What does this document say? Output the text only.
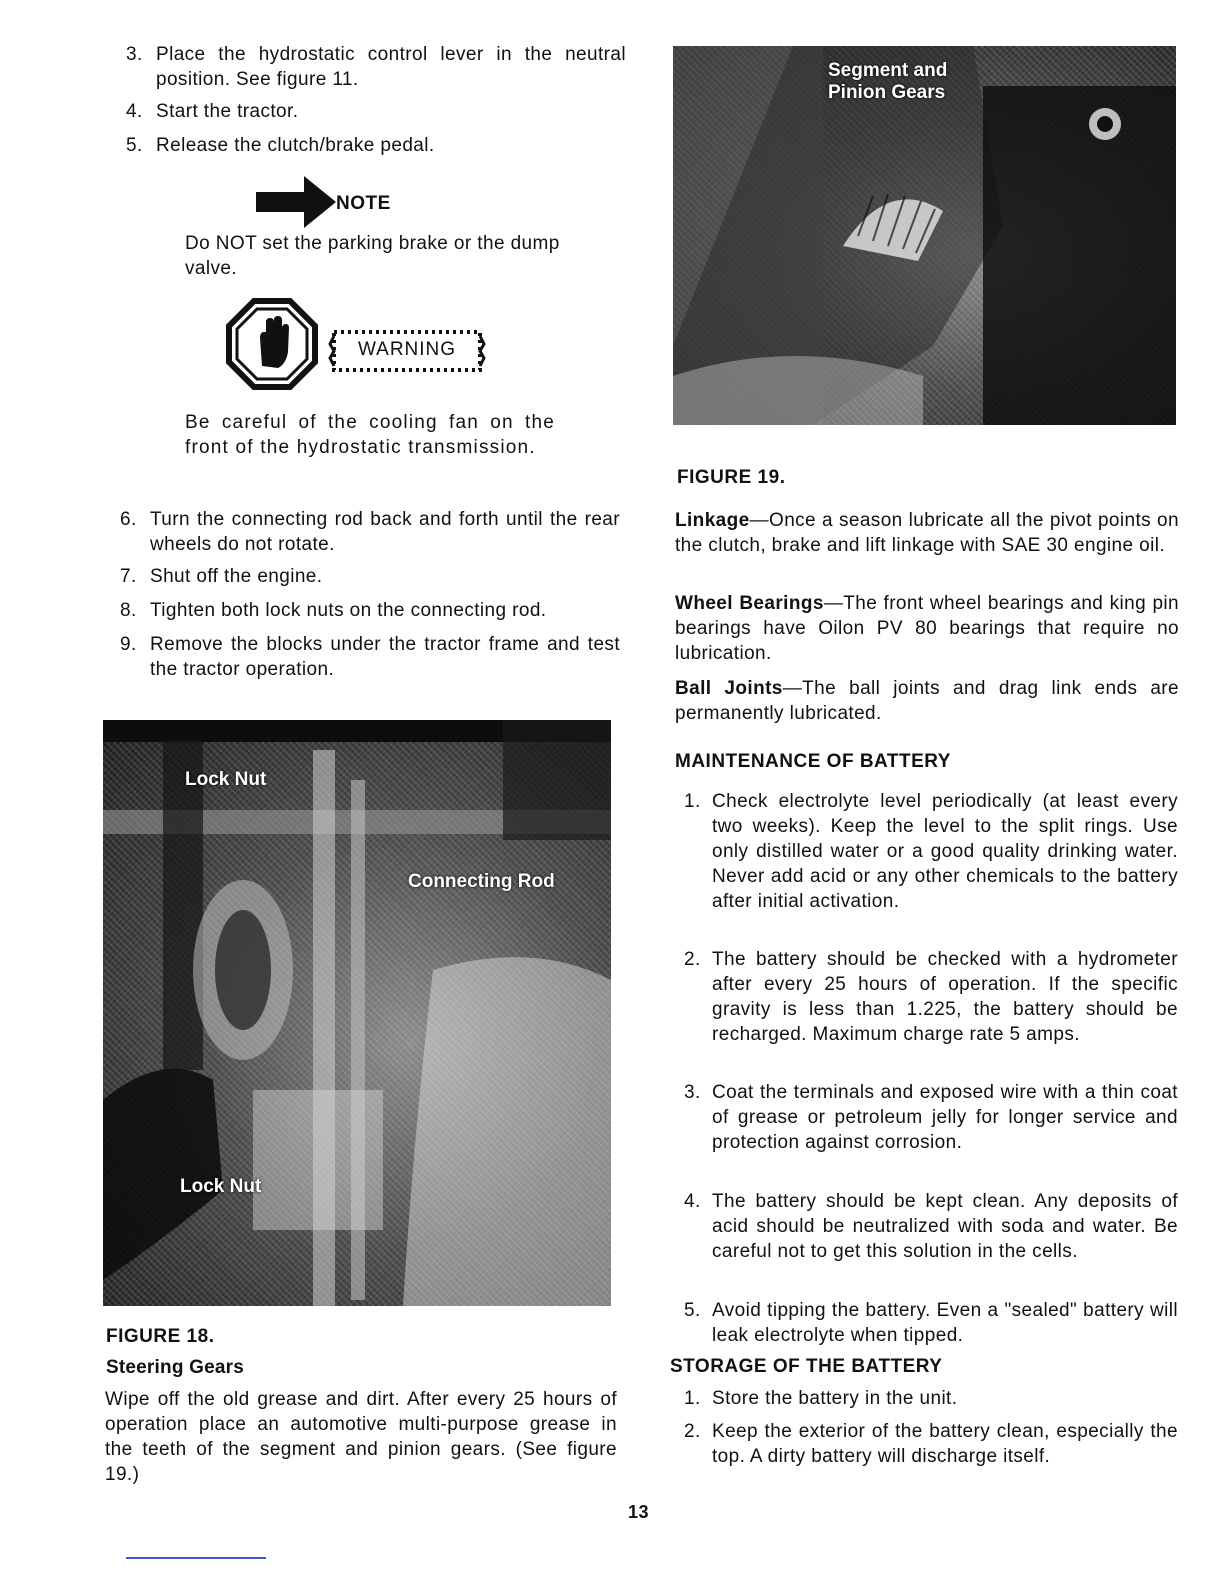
3. Place the hydrostatic control lever in the neutral position. See figure 11.
4. Start the tractor.
5. Release the clutch/brake pedal.
NOTE
Do NOT set the parking brake or the dump valve.
WARNING
Be careful of the cooling fan on the front of the hydrostatic transmission.
6. Turn the connecting rod back and forth until the rear wheels do not rotate.
7. Shut off the engine.
8. Tighten both lock nuts on the connecting rod.
9. Remove the blocks under the tractor frame and test the tractor operation.
Lock Nut
Connecting Rod
Lock Nut
FIGURE 18.
Steering Gears
Wipe off the old grease and dirt. After every 25 hours of operation place an automotive multi-purpose grease in the teeth of the segment and pinion gears. (See figure 19.)
Segment and
Pinion Gears
FIGURE 19.
Linkage—Once a season lubricate all the pivot points on the clutch, brake and lift linkage with SAE 30 engine oil.
Wheel Bearings—The front wheel bearings and king pin bearings have Oilon PV 80 bearings that require no lubrication.
Ball Joints—The ball joints and drag link ends are permanently lubricated.
MAINTENANCE OF BATTERY
1. Check electrolyte level periodically (at least every two weeks). Keep the level to the split rings. Use only distilled water or a good quality drinking water. Never add acid or any other chemicals to the battery after initial activation.
2. The battery should be checked with a hydrometer after every 25 hours of operation. If the specific gravity is less than 1.225, the battery should be recharged. Maximum charge rate 5 amps.
3. Coat the terminals and exposed wire with a thin coat of grease or petroleum jelly for longer service and protection against corrosion.
4. The battery should be kept clean. Any deposits of acid should be neutralized with soda and water. Be careful not to get this solution in the cells.
5. Avoid tipping the battery. Even a "sealed" battery will leak electrolyte when tipped.
STORAGE OF THE BATTERY
1. Store the battery in the unit.
2. Keep the exterior of the battery clean, especially the top. A dirty battery will discharge itself.
13
